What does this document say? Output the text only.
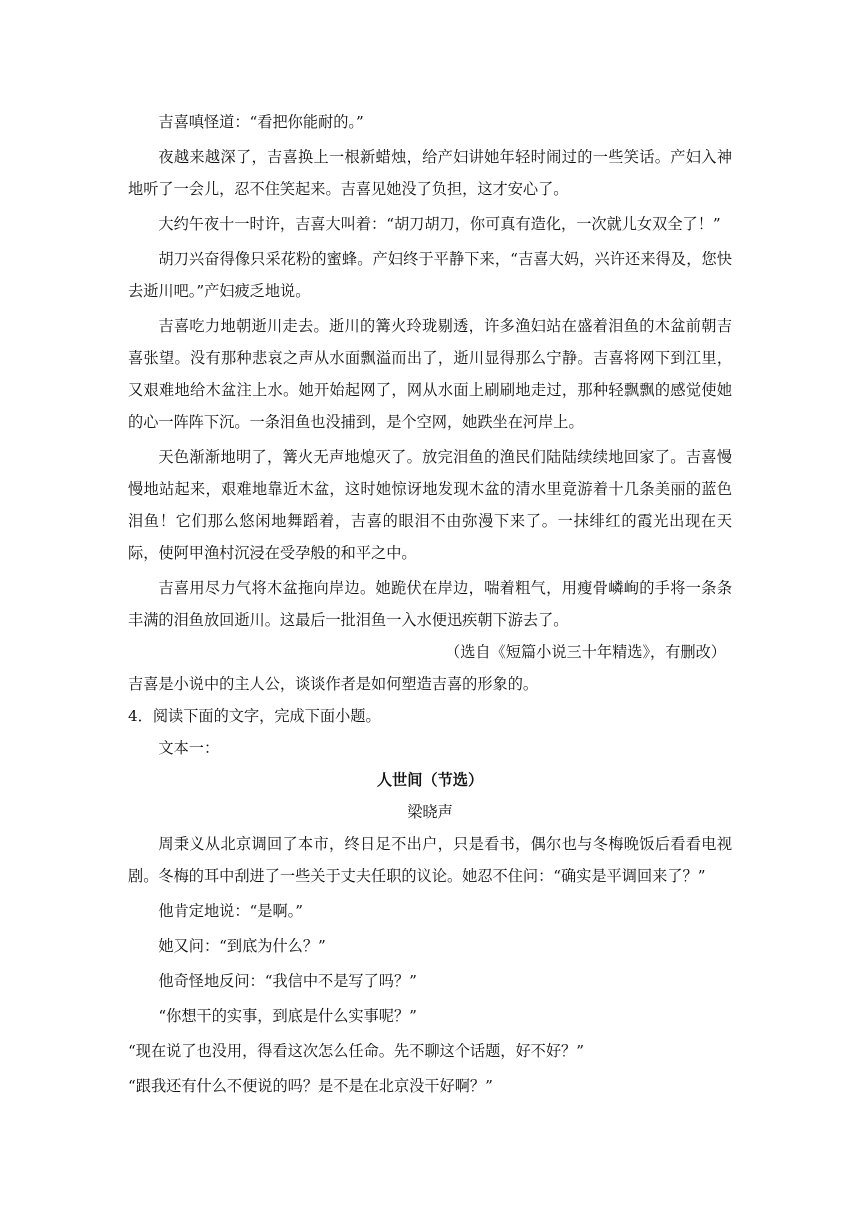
吉喜嗔怪道：“看把你能耐的。”

夜越来越深了，吉喜换上一根新蜡烛，给产妇讲她年轻时闹过的一些笑话。产妇入神地听了一会儿，忍不住笑起来。吉喜见她没了负担，这才安心了。

大约午夜十一时许，吉喜大叫着：“胡刀胡刀，你可真有造化，一次就儿女双全了！”

胡刀兴奋得像只采花粉的蜜蜂。产妇终于平静下来，“吉喜大妈，兴许还来得及，您快去逝川吧。”产妇疲乏地说。

吉喜吃力地朝逝川走去。逝川的篝火玲珑剔透，许多渔妇站在盛着泪鱼的木盆前朝吉喜张望。没有那种悲哀之声从水面飘溢而出了，逝川显得那么宁静。吉喜将网下到江里，又艰难地给木盆注上水。她开始起网了，网从水面上刷刷地走过，那种轻飘飘的感觉使她的心一阵阵下沉。一条泪鱼也没捕到，是个空网，她跌坐在河岸上。

天色渐渐地明了，篝火无声地熄灭了。放完泪鱼的渔民们陆陆续续地回家了。吉喜慢慢地站起来，艰难地靠近木盆，这时她惊讶地发现木盆的清水里竟游着十几条美丽的蓝色泪鱼！它们那么悠闲地舞蹈着，吉喜的眼泪不由弥漫下来了。一抹绯红的霞光出现在天际，使阿甲渔村沉浸在受孕般的和平之中。

吉喜用尽力气将木盆拖向岸边。她跪伏在岸边，喘着粗气，用瘦骨嶙峋的手将一条条丰满的泪鱼放回逝川。这最后一批泪鱼一入水便迅疾朝下游去了。

（选自《短篇小说三十年精选》，有删改）

吉喜是小说中的主人公，谈谈作者是如何塑造吉喜的形象的。

4．阅读下面的文字，完成下面小题。

文本一：

人世间（节选）

梁晓声

周秉义从北京调回了本市，终日足不出户，只是看书，偶尔也与冬梅晚饭后看看电视剧。冬梅的耳中刮进了一些关于丈夫任职的议论。她忍不住问：“确实是平调回来了？”

他肯定地说：“是啊。”

她又问：“到底为什么？”

他奇怪地反问：“我信中不是写了吗？”

“你想干的实事，到底是什么实事呢？”

“现在说了也没用，得看这次怎么任命。先不聊这个话题，好不好？”

“跟我还有什么不便说的吗？是不是在北京没干好啊？”
